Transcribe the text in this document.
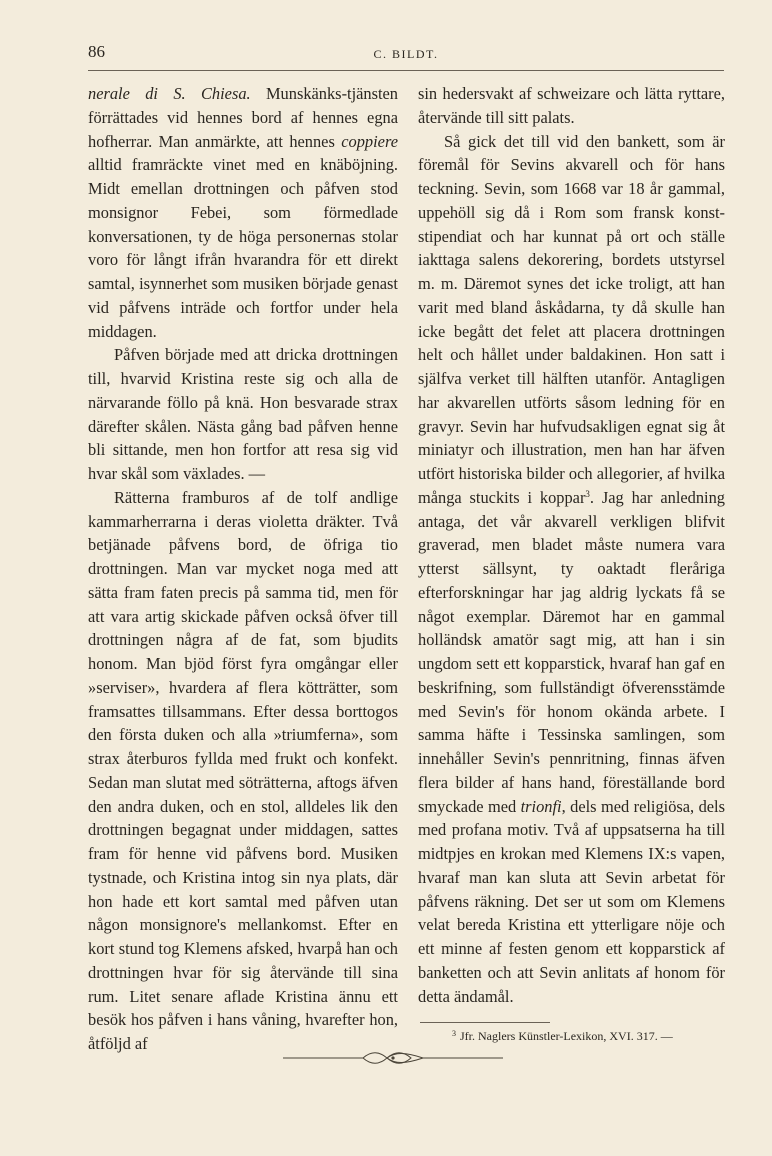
86	C. BILDT.

nerale di S. Chiesa. Munskänks-tjänsten förrättades vid hennes bord af hennes egna hofherrar. Man anmärkte, att hennes coppiere alltid framräckte vinet med en knäböjning. Midt emellan drottningen och påfven stod monsignor Febei, som förmedlade konversationen, ty de höga personernas stolar voro för långt ifrån hvarandra för ett direkt samtal, isynnerhet som musiken började genast vid påfvens inträde och fortfor under hela middagen.

Påfven började med att dricka drottningen till, hvarvid Kristina reste sig och alla de närvarande föllo på knä. Hon besvarade strax därefter skålen. Nästa gång bad påfven henne bli sittande, men hon fortfor att resa sig vid hvar skål som växlades. —

Rätterna framburos af de tolf andlige kammarherrarna i deras violetta dräkter. Två betjänade påfvens bord, de öfriga tio drottningen. Man var mycket noga med att sätta fram faten precis på samma tid, men för att vara artig skickade påfven också öfver till drottningen några af de fat, som bjudits honom. Man bjöd först fyra omgångar eller »serviser», hvardera af flera kötträtter, som framsattes tillsammans. Efter dessa borttogos den första duken och alla »triumferna», som strax återburos fyllda med frukt och konfekt. Sedan man slutat med söträtterna, aftogs äfven den andra duken, och en stol, alldeles lik den drottningen begagnat under middagen, sattes fram för henne vid påfvens bord. Musiken tystnade, och Kristina intog sin nya plats, där hon hade ett kort samtal med påfven utan någon monsignore's mellankomst. Efter en kort stund tog Klemens afsked, hvarpå han och drottningen hvar för sig återvände till sina rum. Litet senare aflade Kristina ännu ett besök hos påfven i hans våning, hvarefter hon, åtföljd af

sin hedersvakt af schweizare och lätta ryttare, återvände till sitt palats.

Så gick det till vid den bankett, som är föremål för Sevins akvarell och för hans teckning. Sevin, som 1668 var 18 år gammal, uppehöll sig då i Rom som fransk konst-stipendiat och har kunnat på ort och ställe iakttaga salens dekorering, bordets utstyrsel m. m. Däremot synes det icke troligt, att han varit med bland åskådarna, ty då skulle han icke begått det felet att placera drottningen helt och hållet under baldakinen. Hon satt i själfva verket till hälften utanför. Antagligen har akvarellen utförts såsom ledning för en gravyr. Sevin har hufvudsakligen egnat sig åt miniatyr och illustration, men han har äfven utfört historiska bilder och allegorier, af hvilka många stuckits i koppar$^3$. Jag har anledning antaga, det vår akvarell verkligen blifvit graverad, men bladet måste numera vara ytterst sällsynt, ty oaktadt fleråriga efterforskningar har jag aldrig lyckats få se något exemplar. Däremot har en gammal holländsk amatör sagt mig, att han i sin ungdom sett ett kopparstick, hvaraf han gaf en beskrifning, som fullständigt öfverensstämde med Sevin's för honom okända arbete. I samma häfte i Tessinska samlingen, som innehåller Sevin's pennritning, finnas äfven flera bilder af hans hand, föreställande bord smyckade med trionfi, dels med religiösa, dels med profana motiv. Två af uppsatserna ha till midtpjes en krokan med Klemens IX:s vapen, hvaraf man kan sluta att Sevin arbetat för påfvens räkning. Det ser ut som om Klemens velat bereda Kristina ett ytterligare nöje och ett minne af festen genom ett kopparstick af banketten och att Sevin anlitats af honom för detta ändamål.

$^3$ Jfr. Naglers Künstler-Lexikon, XVI. 317. —
